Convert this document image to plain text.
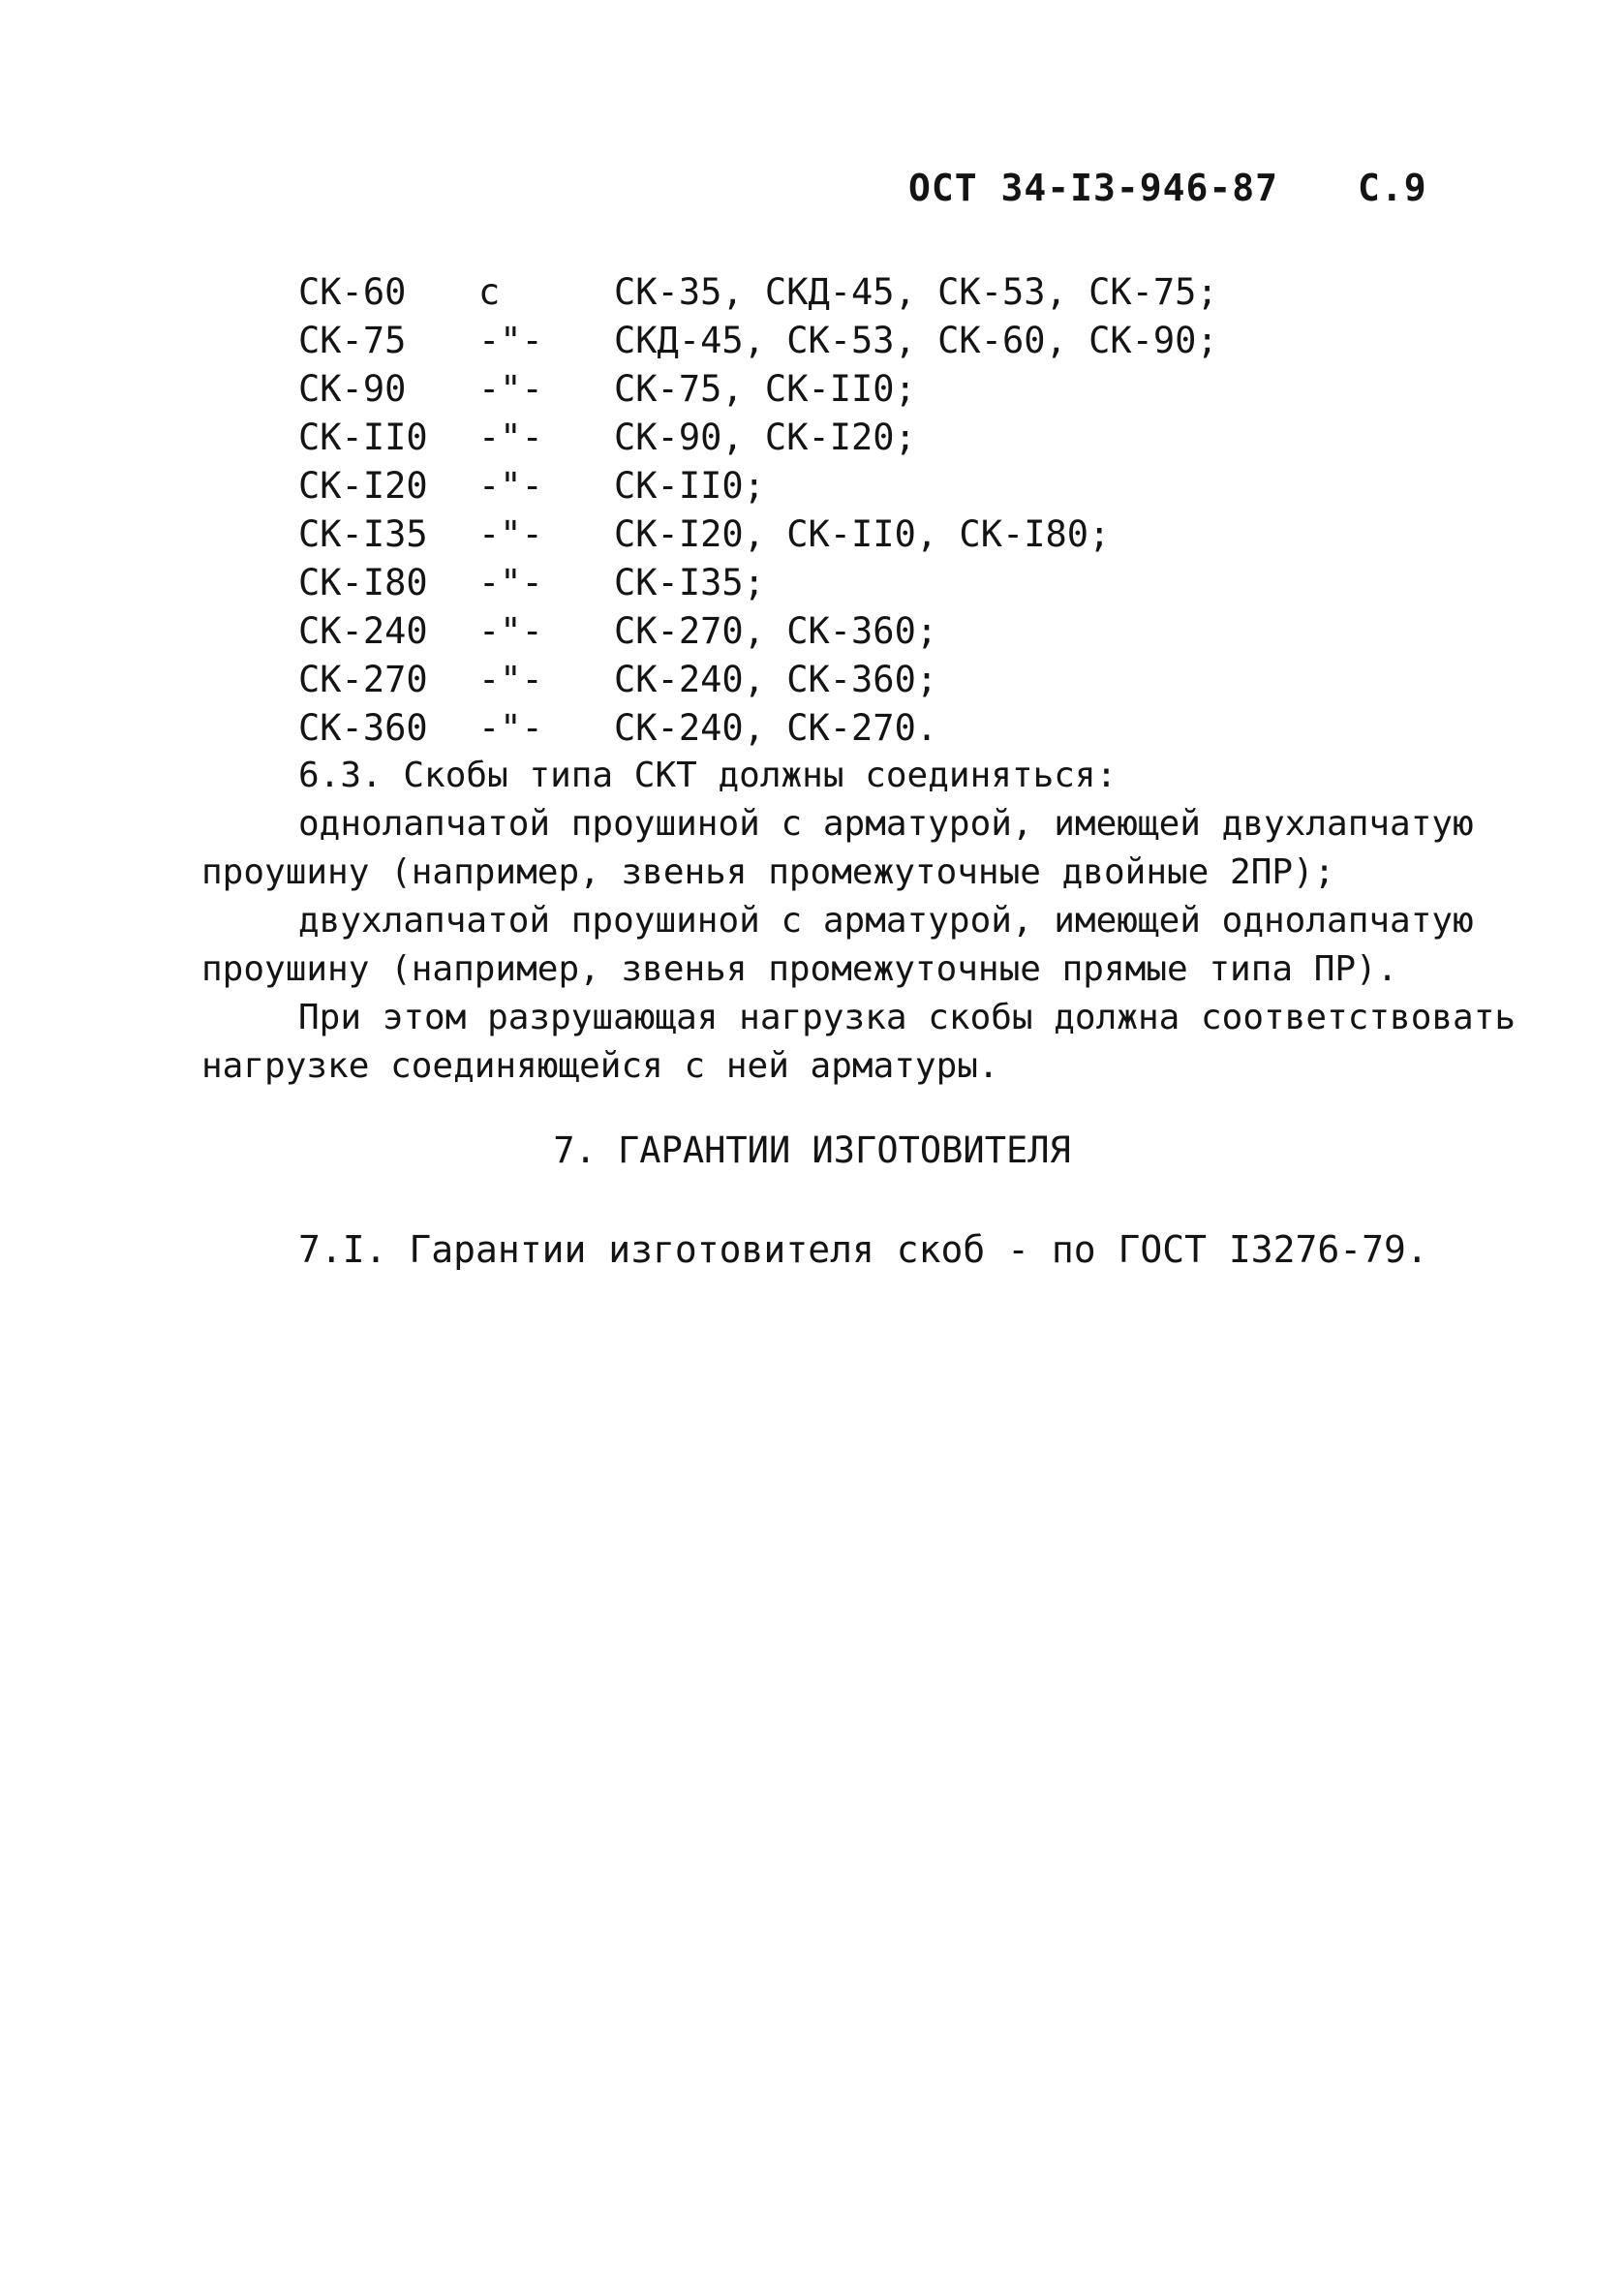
ОСТ 34-I3-946-87 С.9
СК-60 с	СК-35, СКД-45, СК-53, СК-75;
СК-75 -"- СКД-45, СК-53, СК-60, СК-90;
СК-90 -"- СК-75, СК-II0;
СК-II0 -"- СК-90, СК-I20;
СК-I20 -"- СК-II0;
СК-I35 -"- СК-I20, СК-II0, СК-I80;
СК-I80 -"- СК-I35;
СК-240 -"- СК-270, СК-360;
СК-270 -"- СК-240, СК-360;
СК-360 -"- СК-240, СК-270.
6.3. Скобы типа СКТ должны соединяться:
однолапчатой проушиной с арматурой, имеющей двухлапчатую
проушину (например, звенья промежуточные двойные 2ПР);
двухлапчатой проушиной с арматурой, имеющей однолапчатую
проушину (например, звенья промежуточные прямые типа ПР).
При этом разрушающая нагрузка скобы должна соответствовать
нагрузке соединяющейся с ней арматуры.
7. ГАРАНТИИ ИЗГОТОВИТЕЛЯ
7.I. Гарантии изготовителя скоб - по ГОСТ I3276-79.
